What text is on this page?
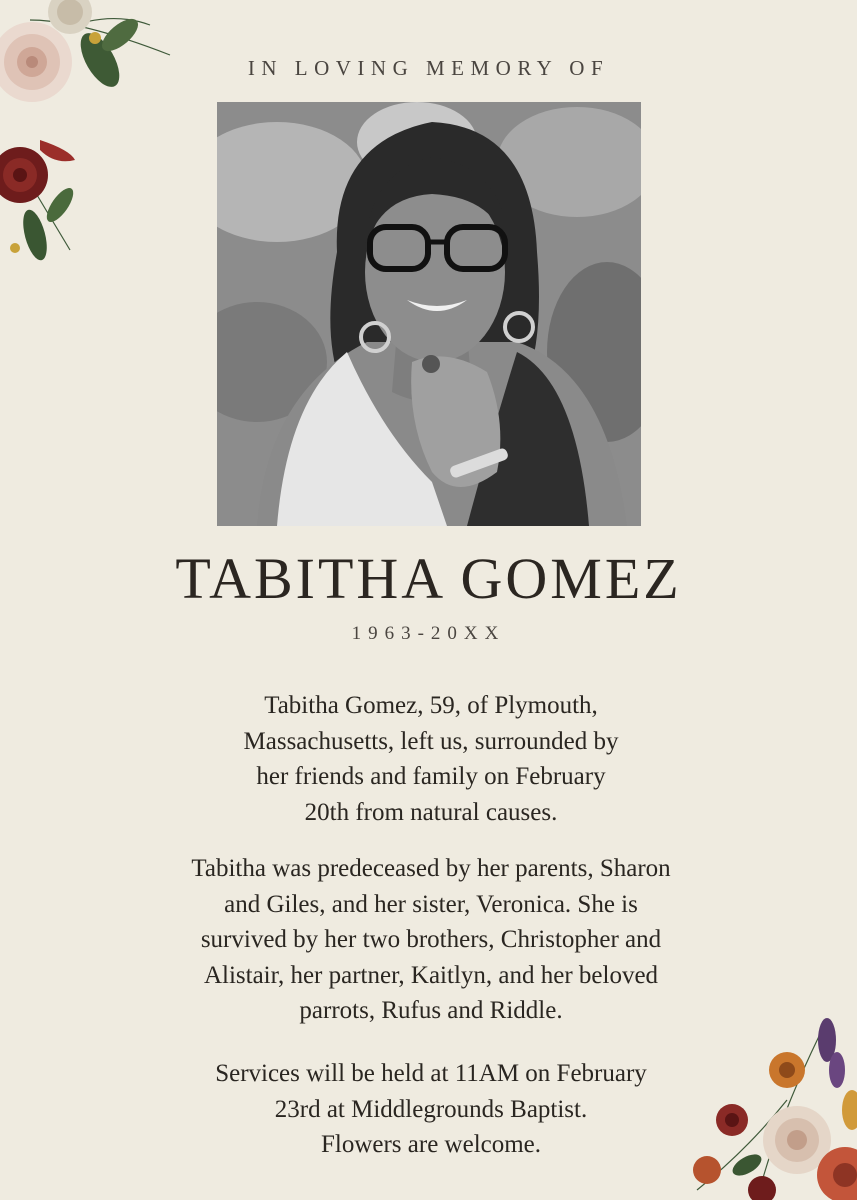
IN LOVING MEMORY OF
TABITHA GOMEZ
1963-20XX

Tabitha Gomez, 59, of Plymouth,
Massachusetts, left us, surrounded by
her friends and family on February
20th from natural causes.

Tabitha was predeceased by her parents, Sharon
and Giles, and her sister, Veronica. She is
survived by her two brothers, Christopher and
Alistair, her partner, Kaitlyn, and her beloved
parrots, Rufus and Riddle.

Services will be held at 11AM on February
23rd at Middlegrounds Baptist.
Flowers are welcome.
